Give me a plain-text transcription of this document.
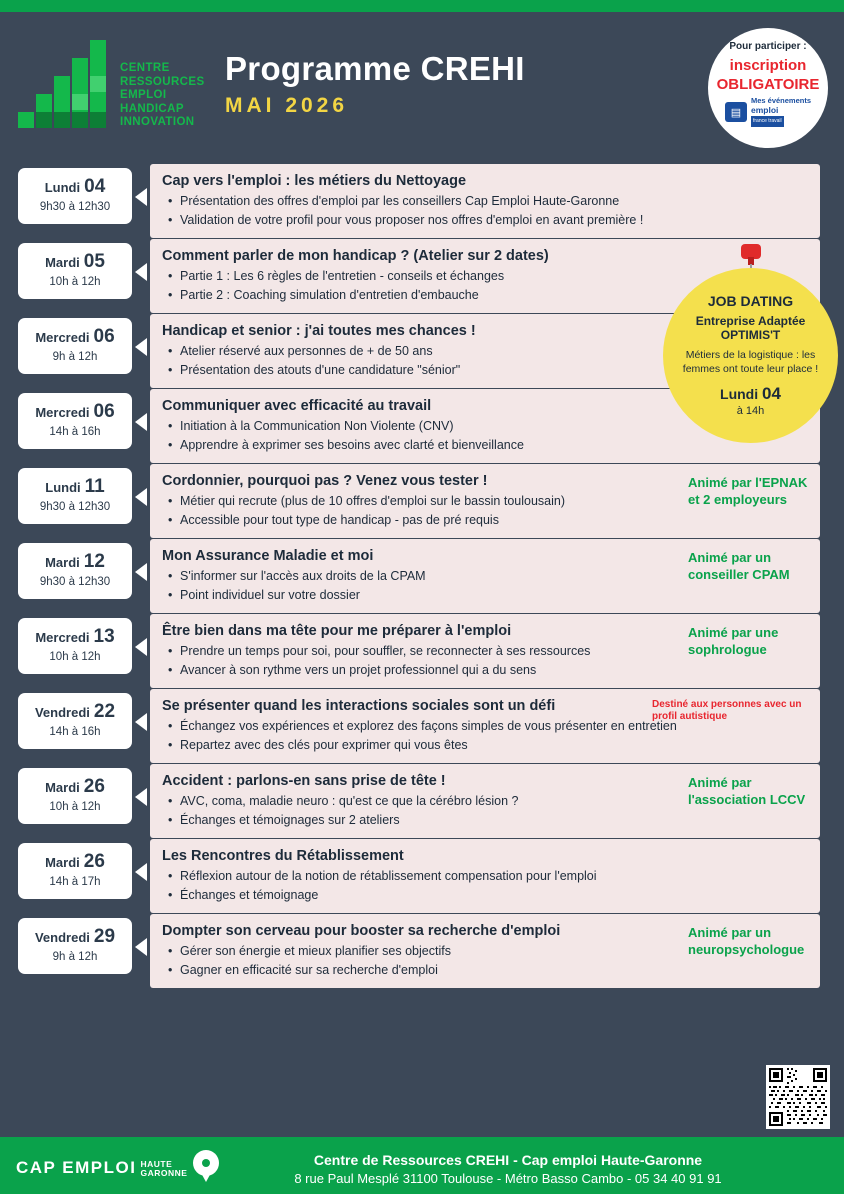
CENTRE
RESSOURCES
EMPLOI
HANDICAP
INNOVATION
Programme CREHI
MAI 2026
Pour participer :
inscription
OBLIGATOIRE
▤
Mes événements
emploi
france travail
Lundi 04
9h30 à 12h30
Cap vers l'emploi : les métiers du Nettoyage
• Présentation des offres d'emploi par les conseillers Cap Emploi Haute-Garonne
• Validation de votre profil pour vous proposer nos offres d'emploi en avant première !
Mardi 05
10h à 12h
Comment parler de mon handicap ? (Atelier sur 2 dates)
• Partie 1 : Les 6 règles de l'entretien - conseils et échanges
• Partie 2 : Coaching simulation d'entretien d'embauche
Mercredi 06
9h à 12h
Handicap et senior : j'ai toutes mes chances !
• Atelier réservé aux personnes de + de 50 ans
• Présentation des atouts d'une candidature "sénior"
Mercredi 06
14h à 16h
Communiquer avec efficacité au travail
• Initiation à la Communication Non Violente (CNV)
• Apprendre à exprimer ses besoins avec clarté et bienveillance
Lundi 11
9h30 à 12h30
Cordonnier, pourquoi pas ? Venez vous tester !
• Métier qui recrute (plus de 10 offres d'emploi sur le bassin toulousain)
• Accessible pour tout type de handicap - pas de pré requis
Animé par l'EPNAK et 2 employeurs
Mardi 12
9h30 à 12h30
Mon Assurance Maladie et moi
• S'informer sur l'accès aux droits de la CPAM
• Point individuel sur votre dossier
Animé par un conseiller CPAM
Mercredi 13
10h à 12h
Être bien dans ma tête pour me préparer à l'emploi
• Prendre un temps pour soi, pour souffler, se reconnecter à ses ressources
• Avancer à son rythme vers un projet professionnel qui a du sens
Animé par une sophrologue
Vendredi 22
14h à 16h
Se présenter quand les interactions sociales sont un défi
• Échangez vos expériences et explorez des façons simples de vous présenter en entretien
• Repartez avec des clés pour exprimer qui vous êtes
Destiné aux personnes avec un profil autistique
Mardi 26
10h à 12h
Accident : parlons-en sans prise de tête !
• AVC, coma, maladie neuro : qu'est ce que la cérébro lésion ?
• Échanges et témoignages sur 2 ateliers
Animé par l'association LCCV
Mardi 26
14h à 17h
Les Rencontres du Rétablissement
• Réflexion autour de la notion de rétablissement compensation pour l'emploi
• Échanges et témoignage
Vendredi 29
9h à 12h
Dompter son cerveau pour booster sa recherche d'emploi
• Gérer son énergie et mieux planifier ses objectifs
• Gagner en efficacité sur sa recherche d'emploi
Animé par un neuropsychologue
JOB DATING
Entreprise Adaptée
OPTIMIS'T
Métiers de la logistique : les femmes ont toute leur place !
Lundi 04
à 14h
CAP EMPLOI HAUTE
GARONNE
Centre de Ressources CREHI - Cap emploi Haute-Garonne
8 rue Paul Mesplé 31100 Toulouse - Métro Basso Cambo - 05 34 40 91 91
